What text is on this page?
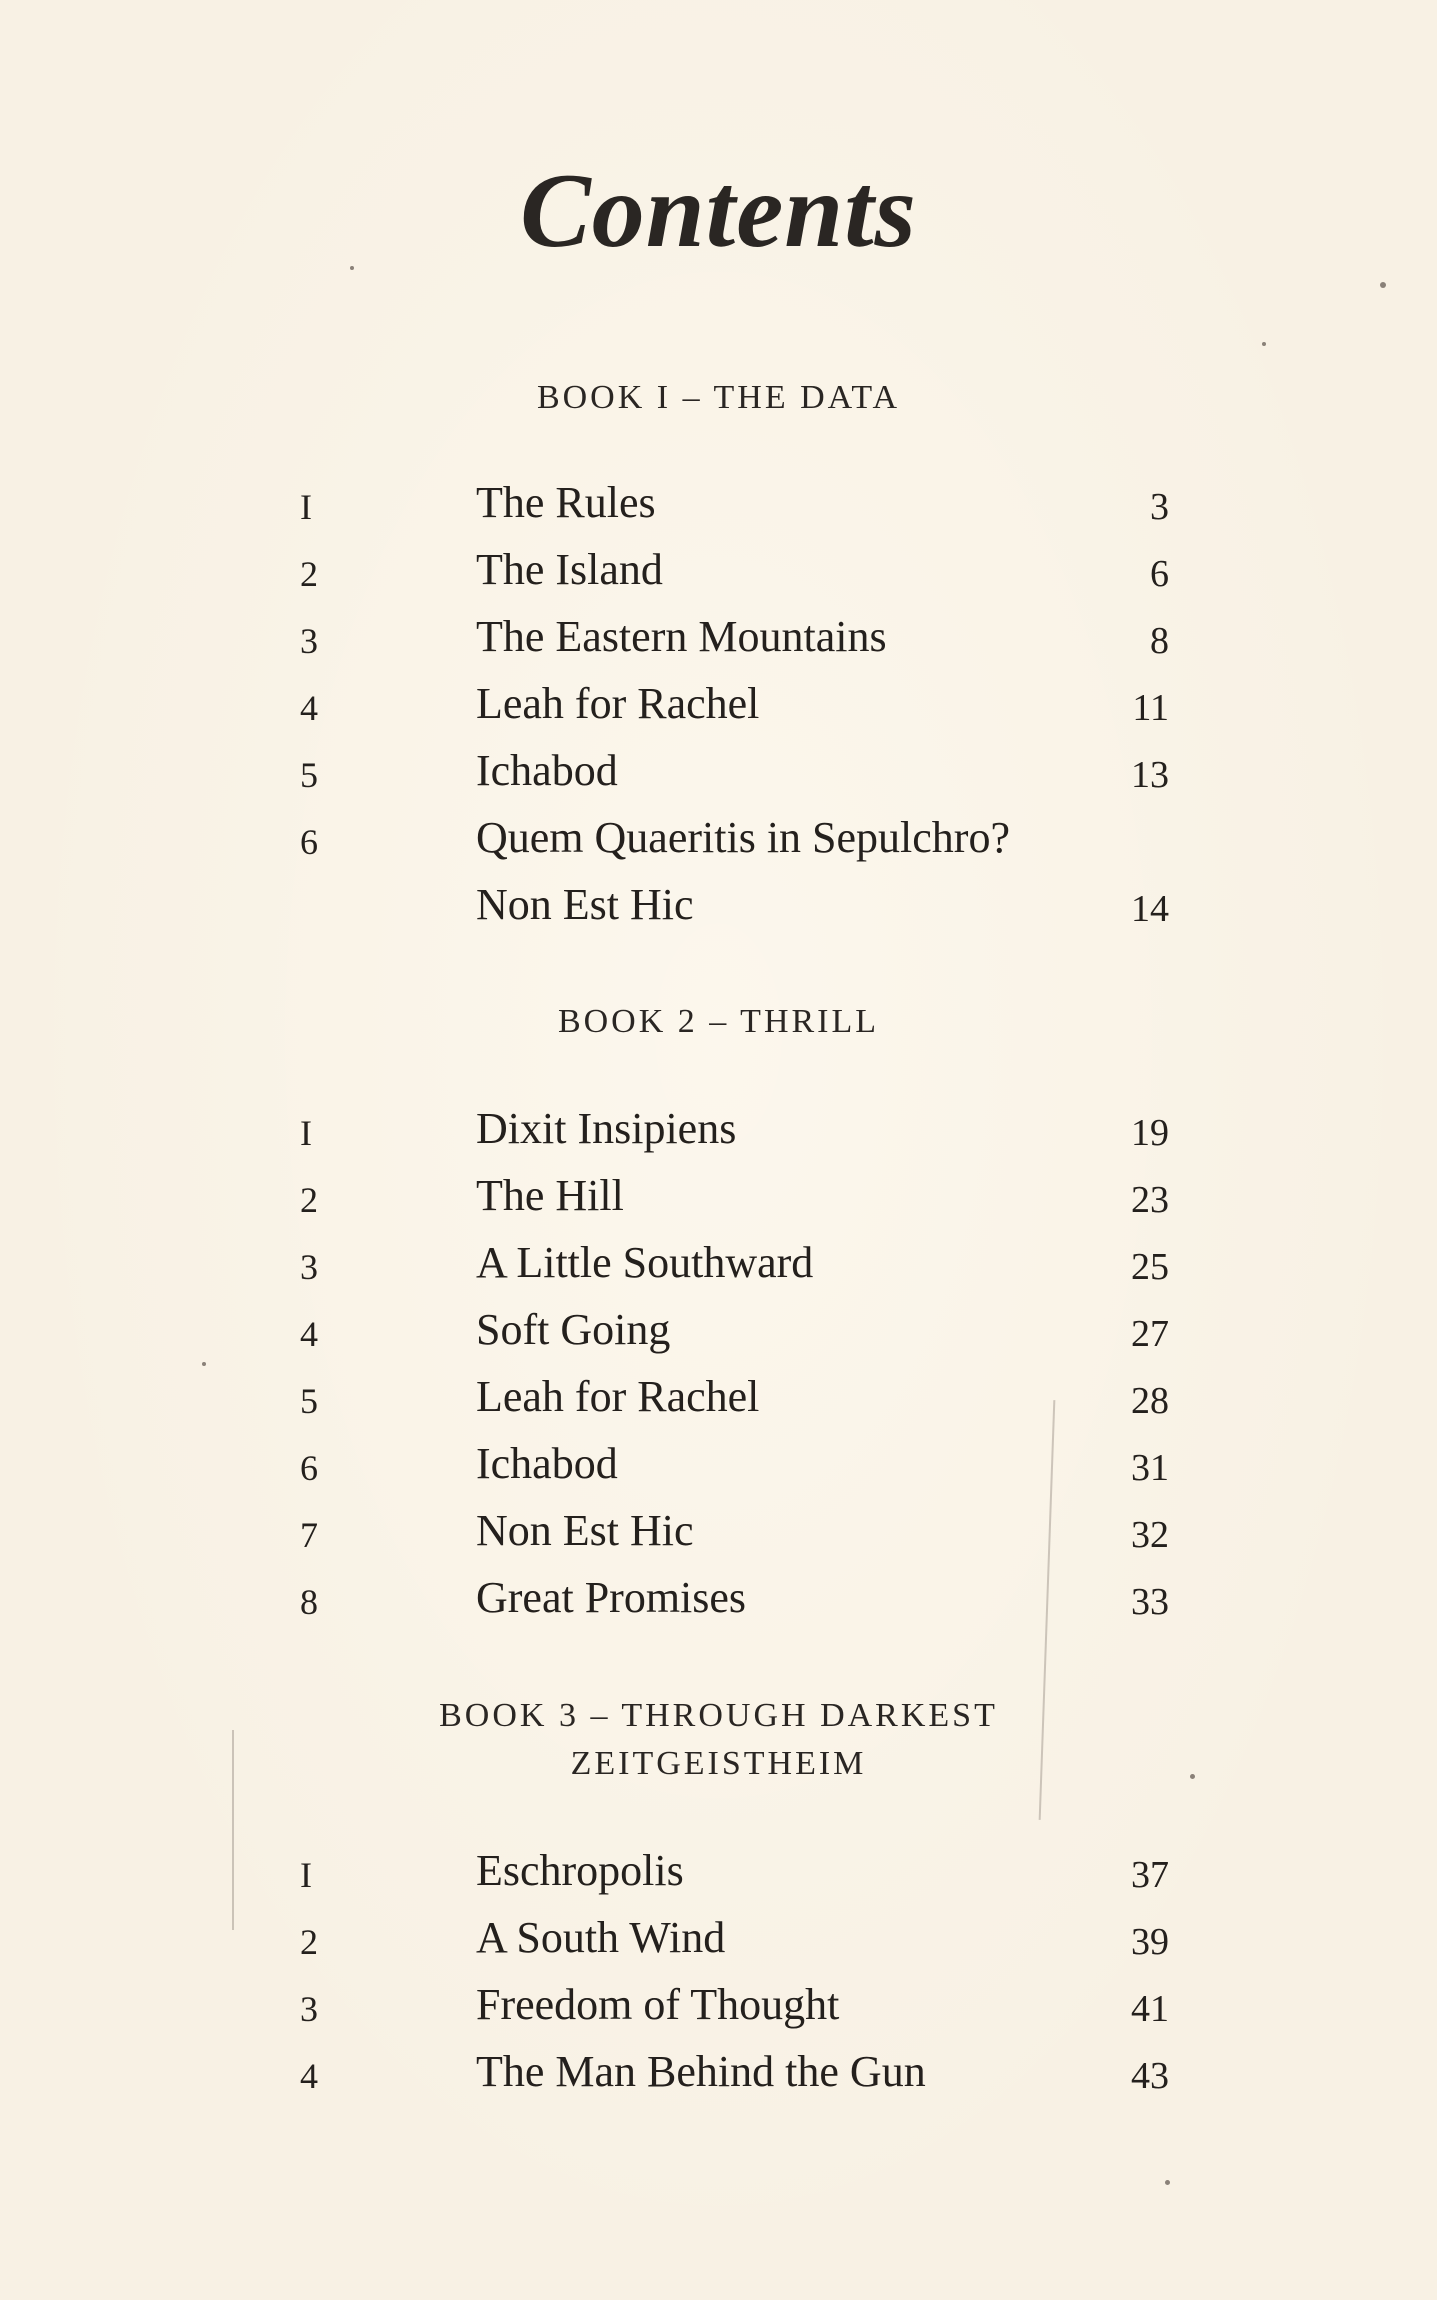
Contents
BOOK I – THE DATA
I	The Rules	3
2	The Island	6
3	The Eastern Mountains	8
4	Leah for Rachel	11
5	Ichabod	13
6	Quem Quaeritis in Sepulchro?
Non Est Hic	14
BOOK 2 – THRILL
I	Dixit Insipiens	19
2	The Hill	23
3	A Little Southward	25
4	Soft Going	27
5	Leah for Rachel	28
6	Ichabod	31
7	Non Est Hic	32
8	Great Promises	33
BOOK 3 – THROUGH DARKEST
ZEITGEISTHEIM
I	Eschropolis	37
2	A South Wind	39
3	Freedom of Thought	41
4	The Man Behind the Gun	43
